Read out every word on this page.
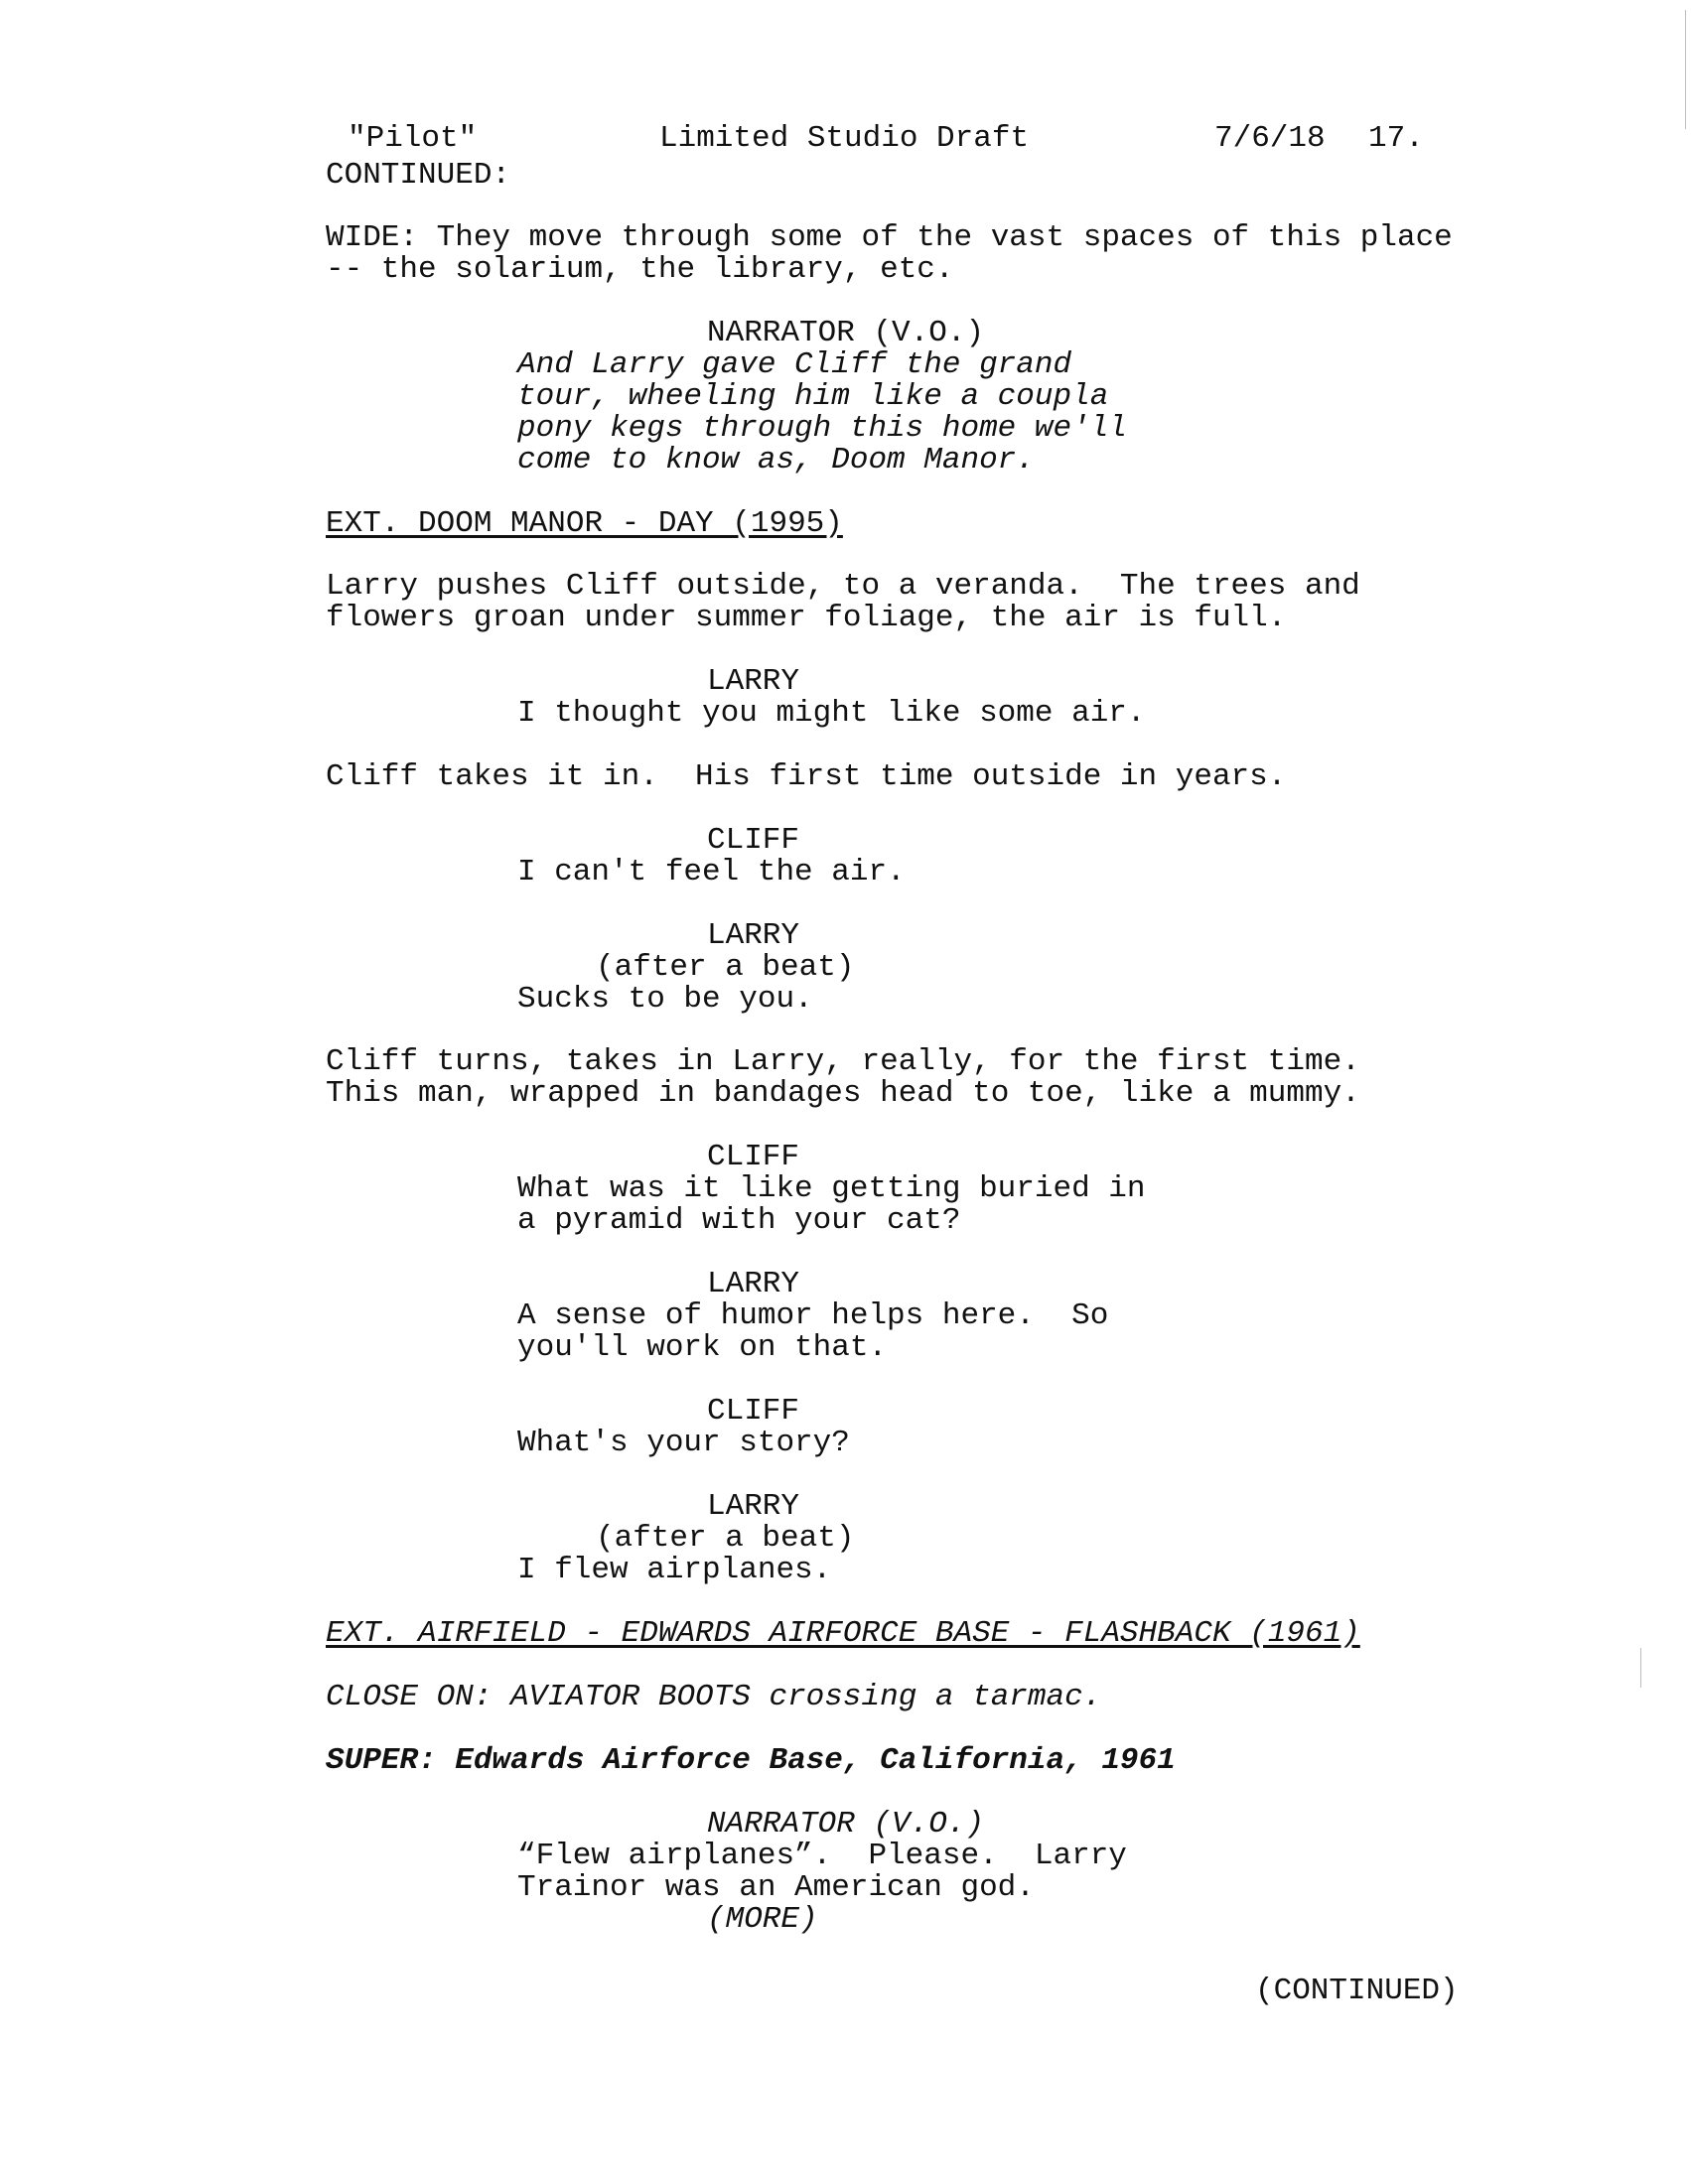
"Pilot"	Limited Studio Draft	7/6/18 17.
CONTINUED:
WIDE: They move through some of the vast spaces of this place
-- the solarium, the library, etc.
NARRATOR (V.O.)
And Larry gave Cliff the grand
tour, wheeling him like a coupla
pony kegs through this home we'll
come to know as, Doom Manor.
EXT. DOOM MANOR - DAY (1995)
Larry pushes Cliff outside, to a veranda.  The trees and
flowers groan under summer foliage, the air is full.
LARRY
I thought you might like some air.
Cliff takes it in.  His first time outside in years.
CLIFF
I can't feel the air.
LARRY
(after a beat)
Sucks to be you.
Cliff turns, takes in Larry, really, for the first time.
This man, wrapped in bandages head to toe, like a mummy.
CLIFF
What was it like getting buried in
a pyramid with your cat?
LARRY
A sense of humor helps here.  So
you'll work on that.
CLIFF
What's your story?
LARRY
(after a beat)
I flew airplanes.
EXT. AIRFIELD - EDWARDS AIRFORCE BASE - FLASHBACK (1961)
CLOSE ON: AVIATOR BOOTS crossing a tarmac.
SUPER: Edwards Airforce Base, California, 1961
NARRATOR (V.O.)
“Flew airplanes”.  Please.  Larry
Trainor was an American god.
(MORE)
(CONTINUED)
